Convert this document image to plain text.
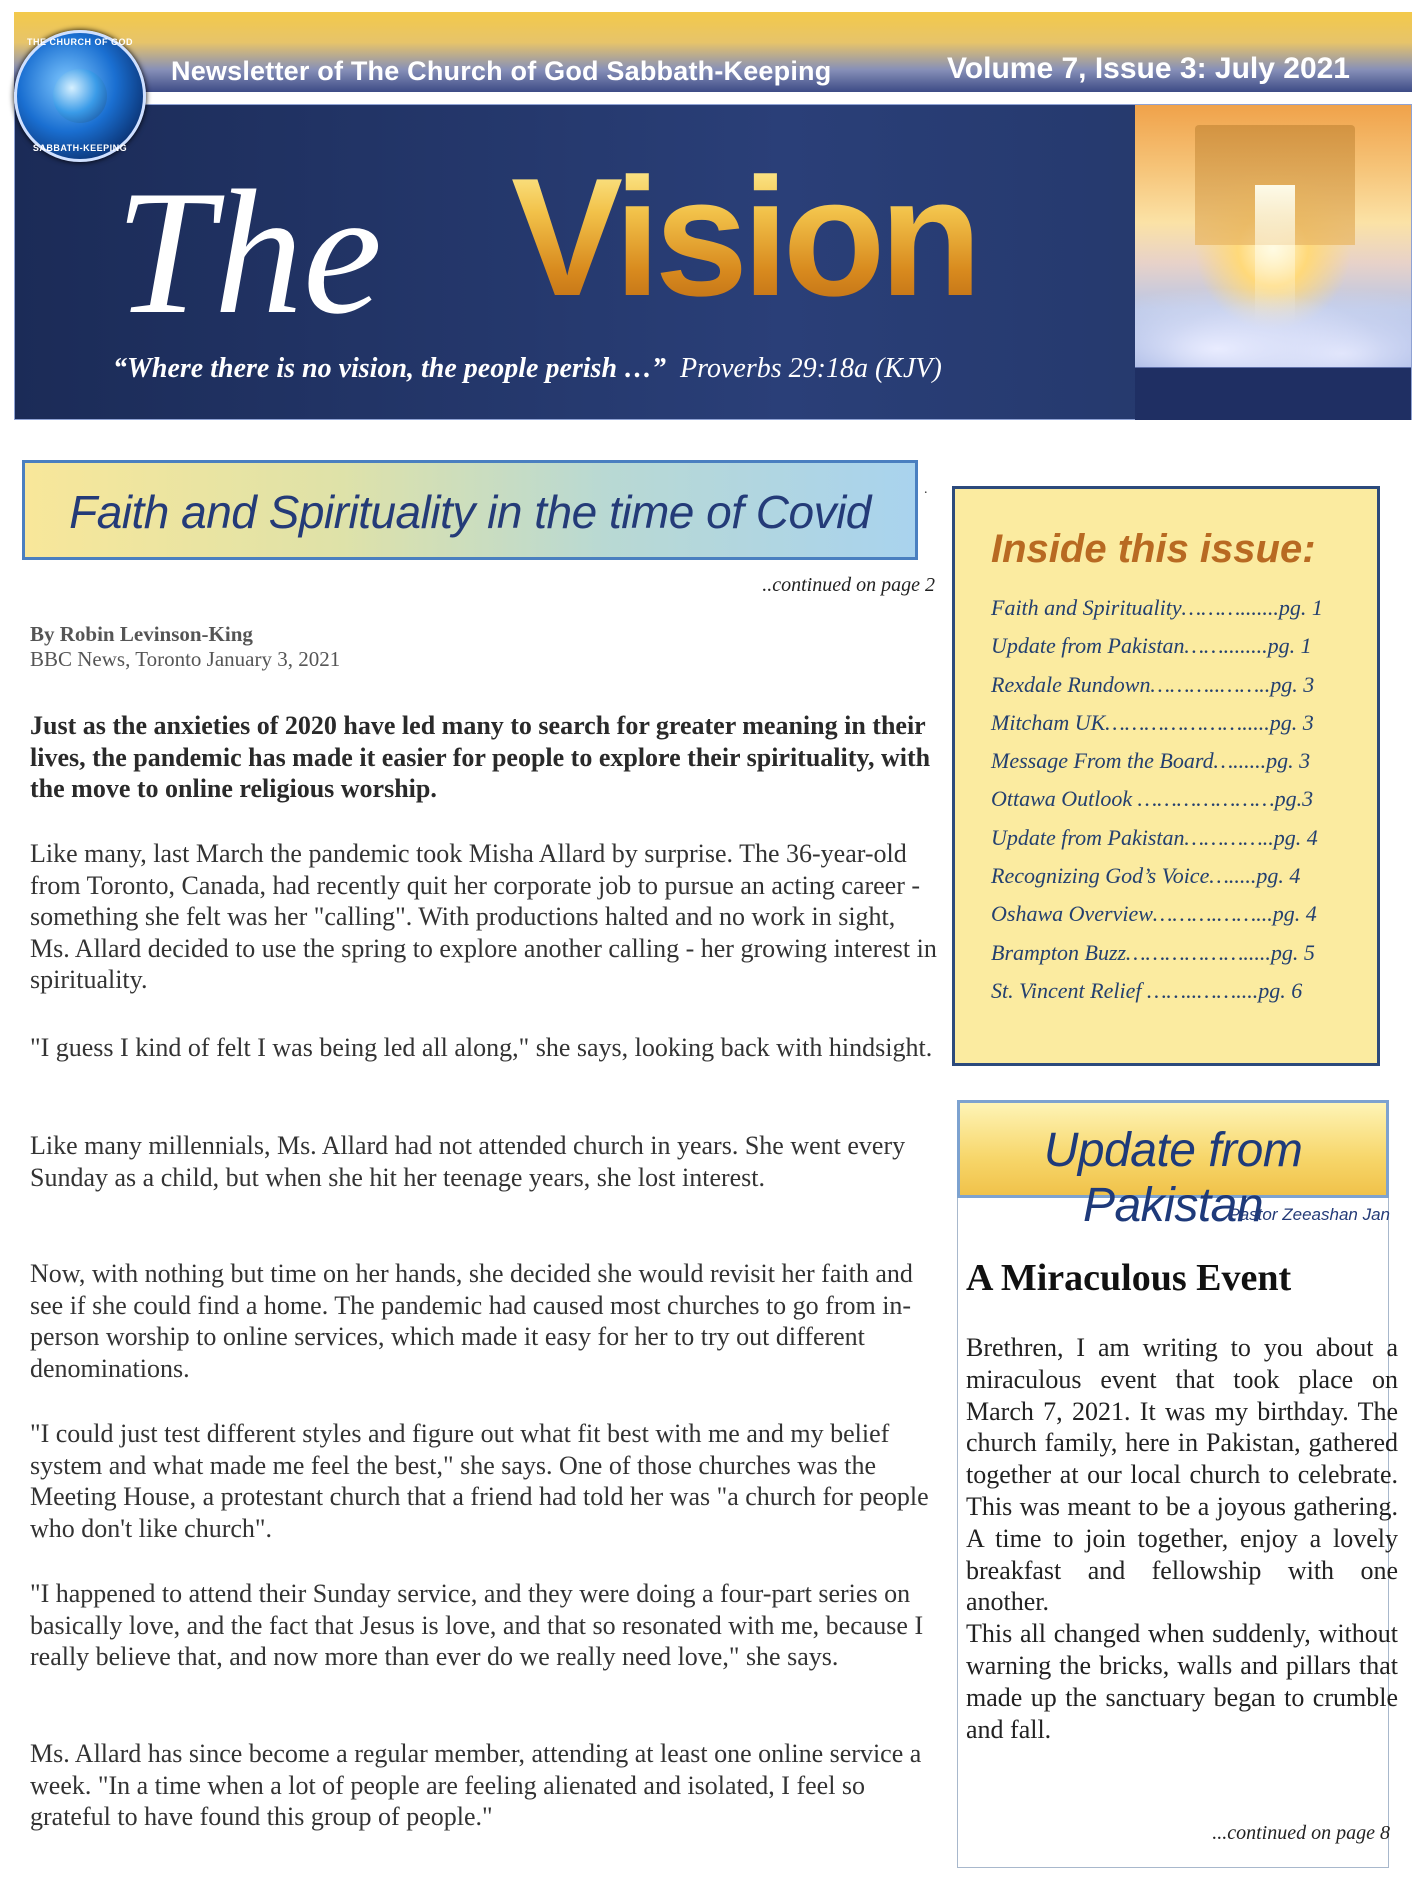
Newsletter of The Church of God Sabbath-Keeping	Volume 7, Issue 3: July 2021
The Vision
“Where there is no vision, the people perish …” Proverbs 29:18a (KJV)
THE CHURCH OF GOD
SABBATH-KEEPING
Faith and Spirituality in the time of Covid	.
..continued on page 2
By Robin Levinson-King
BBC News, Toronto January 3, 2021

Just as the anxieties of 2020 have led many to search for greater meaning in their lives, the pandemic has made it easier for people to explore their spirituality, with the move to online religious worship.

Like many, last March the pandemic took Misha Allard by surprise. The 36-year-old from Toronto, Canada, had recently quit her corporate job to pursue an acting career - something she felt was her "calling". With productions halted and no work in sight, Ms. Allard decided to use the spring to explore another calling - her growing interest in spirituality.

"I guess I kind of felt I was being led all along," she says, looking back with hindsight.

Like many millennials, Ms. Allard had not attended church in years. She went every Sunday as a child, but when she hit her teenage years, she lost interest.

Now, with nothing but time on her hands, she decided she would revisit her faith and see if she could find a home. The pandemic had caused most churches to go from in-person worship to online services, which made it easy for her to try out different denominations.

"I could just test different styles and figure out what fit best with me and my belief system and what made me feel the best," she says. One of those churches was the Meeting House, a protestant church that a friend had told her was "a church for people who don't like church".

"I happened to attend their Sunday service, and they were doing a four-part series on basically love, and the fact that Jesus is love, and that so resonated with me, because I really believe that, and now more than ever do we really need love," she says.

Ms. Allard has since become a regular member, attending at least one online service a week. "In a time when a lot of people are feeling alienated and isolated, I feel so grateful to have found this group of people."

Inside this issue:
Faith and Spirituality……….......pg. 1
Update from Pakistan……........pg. 1
Rexdale Rundown………..……..pg. 3
Mitcham UK………………….....pg. 3
Message From the Board…......pg. 3
Ottawa Outlook …………………pg.3
Update from Pakistan…………..pg. 4
Recognizing God’s Voice….....pg. 4
Oshawa Overview……….……...pg. 4
Brampton Buzz……………….....pg. 5
St. Vincent Relief ……..……....pg. 6
Update from Pakistan
Pastor Zeeashan Jan
A Miraculous Event

Brethren, I am writing to you about a miraculous event that took place on March 7, 2021. It was my birthday. The church family, here in Pakistan, gathered together at our local church to celebrate. This was meant to be a joyous gathering. A time to join together, enjoy a lovely breakfast and fellowship with one another.

This all changed when suddenly, without warning the bricks, walls and pillars that made up the sanctuary began to crumble and fall.

...continued on page 8
